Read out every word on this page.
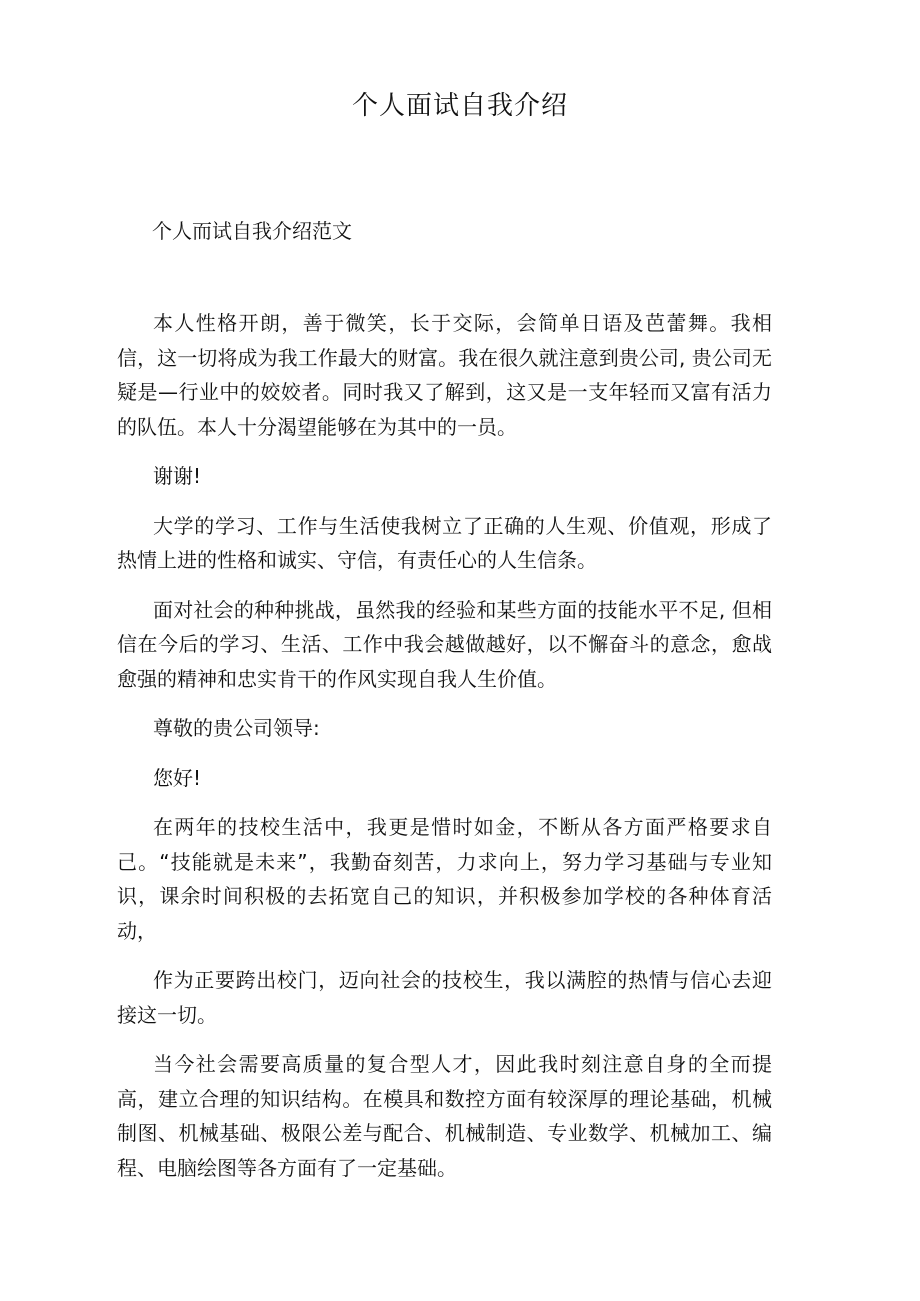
个人面试自我介绍

个人而试自我介绍范文

本人性格开朗，善于微笑，长于交际，会简单日语及芭蕾舞。我相信，这一切将成为我工作最大的财富。我在很久就注意到贵公司, 贵公司无疑是—行业中的姣姣者。同时我又了解到，这又是一支年轻而又富有活力的队伍。本人十分渴望能够在为其中的一员。

谢谢!

大学的学习、工作与生活使我树立了正确的人生观、价值观，形成了热情上进的性格和诚实、守信，有责任心的人生信条。

面对社会的种种挑战，虽然我的经验和某些方面的技能水平不足, 但相信在今后的学习、生活、工作中我会越做越好，以不懈奋斗的意念，愈战愈强的精神和忠实肯干的作风实现自我人生价值。

尊敬的贵公司领导:

您好!

在两年的技校生活中，我更是惜时如金，不断从各方面严格要求自己。“技能就是未来”，我勤奋刻苦，力求向上，努力学习基础与专业知识，课余时间积极的去拓宽自己的知识，并积极参加学校的各种体育活动，

作为正要跨出校门，迈向社会的技校生，我以满腔的热情与信心去迎接这一切。

当今社会需要高质量的复合型人才，因此我时刻注意自身的全而提高，建立合理的知识结构。在模具和数控方面有较深厚的理论基础，机械制图、机械基础、极限公差与配合、机械制造、专业数学、机械加工、编程、电脑绘图等各方面有了一定基础。
